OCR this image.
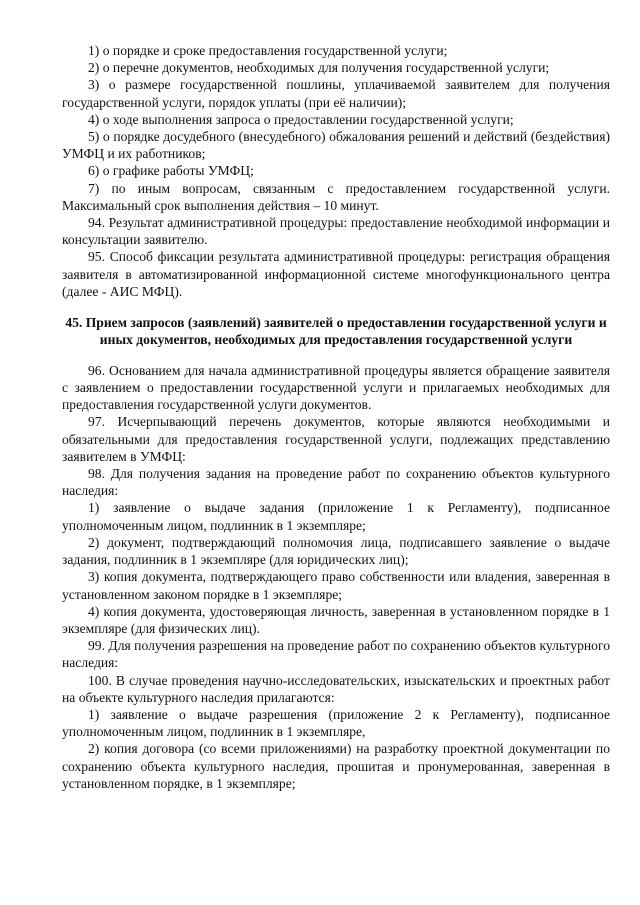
1) о порядке и сроке предоставления государственной услуги;

2) о перечне документов, необходимых для получения государственной услуги;

3) о размере государственной пошлины, уплачиваемой заявителем для получения государственной услуги, порядок уплаты (при её наличии);

4) о ходе выполнения запроса о предоставлении государственной услуги;

5) о порядке досудебного (внесудебного) обжалования решений и действий (бездействия) УМФЦ и их работников;

6) о графике работы УМФЦ;

7) по иным вопросам, связанным с предоставлением государственной услуги. Максимальный срок выполнения действия – 10 минут.

94. Результат административной процедуры: предоставление необходимой информации и консультации заявителю.

95. Способ фиксации результата административной процедуры: регистрация обращения заявителя в автоматизированной информационной системе многофункционального центра (далее - АИС МФЦ).

45. Прием запросов (заявлений) заявителей о предоставлении государственной услуги и иных документов, необходимых для предоставления государственной услуги

96. Основанием для начала административной процедуры является обращение заявителя с заявлением о предоставлении государственной услуги и прилагаемых необходимых для предоставления государственной услуги документов.

97. Исчерпывающий перечень документов, которые являются необходимыми и обязательными для предоставления государственной услуги, подлежащих представлению заявителем в УМФЦ:

98. Для получения задания на проведение работ по сохранению объектов культурного наследия:

1) заявление о выдаче задания (приложение 1 к Регламенту), подписанное уполномоченным лицом, подлинник в 1 экземпляре;

2) документ, подтверждающий полномочия лица, подписавшего заявление о выдаче задания, подлинник в 1 экземпляре (для юридических лиц);

3) копия документа, подтверждающего право собственности или владения, заверенная в установленном законом порядке в 1 экземпляре;

4) копия документа, удостоверяющая личность, заверенная в установленном порядке в 1 экземпляре (для физических лиц).

99. Для получения разрешения на проведение работ по сохранению объектов культурного наследия:

100. В случае проведения научно-исследовательских, изыскательских и проектных работ на объекте культурного наследия прилагаются:

1) заявление о выдаче разрешения (приложение 2 к Регламенту), подписанное уполномоченным лицом, подлинник в 1 экземпляре,

2) копия договора (со всеми приложениями) на разработку проектной документации по сохранению объекта культурного наследия, прошитая и пронумерованная, заверенная в установленном порядке, в 1 экземпляре;
